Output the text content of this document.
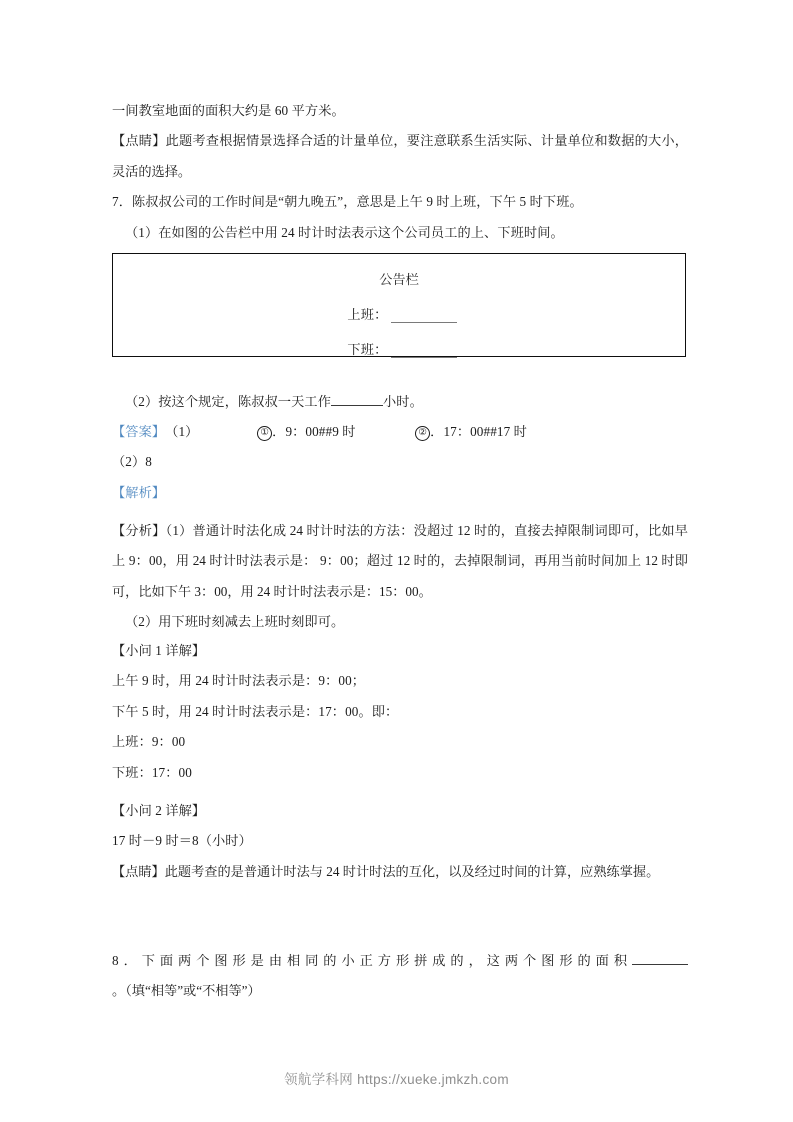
一间教室地面的面积大约是 60 平方米。
【点睛】此题考查根据情景选择合适的计量单位，要注意联系生活实际、计量单位和数据的大小，灵活的选择。
7．陈叔叔公司的工作时间是“朝九晚五”，意思是上午 9 时上班，下午 5 时下班。
（1）在如图的公告栏中用 24 时计时法表示这个公司员工的上、下班时间。
公告栏
上班：
下班：
（2）按这个规定，陈叔叔一天工作	小时。
【答案】（1）	① ．9：00##9 时	② ．17：00##17 时
（2）8
【解析】
【分析】（1）普通计时法化成 24 时计时法的方法：没超过 12 时的，直接去掉限制词即可，比如早上 9：00，用 24 时计时法表示是： 9：00；超过 12 时的，去掉限制词，再用当前时间加上 12 时即可，比如下午 3：00，用 24 时计时法表示是：15：00。
（2）用下班时刻减去上班时刻即可。
【小问 1 详解】
上午 9 时，用 24 时计时法表示是：9：00；
下午 5 时，用 24 时计时法表示是：17：00。即：
上班：9：00
下班：17：00
【小问 2 详解】
17 时－9 时＝8（小时）
【点睛】此题考查的是普通计时法与 24 时计时法的互化，以及经过时间的计算，应熟练掌握。
8．下面两个图形是由相同的小正方形拼成的，这两个图形的面积。（填“相等”或“不相等”）
领航学科网 https://xueke.jmkzh.com
